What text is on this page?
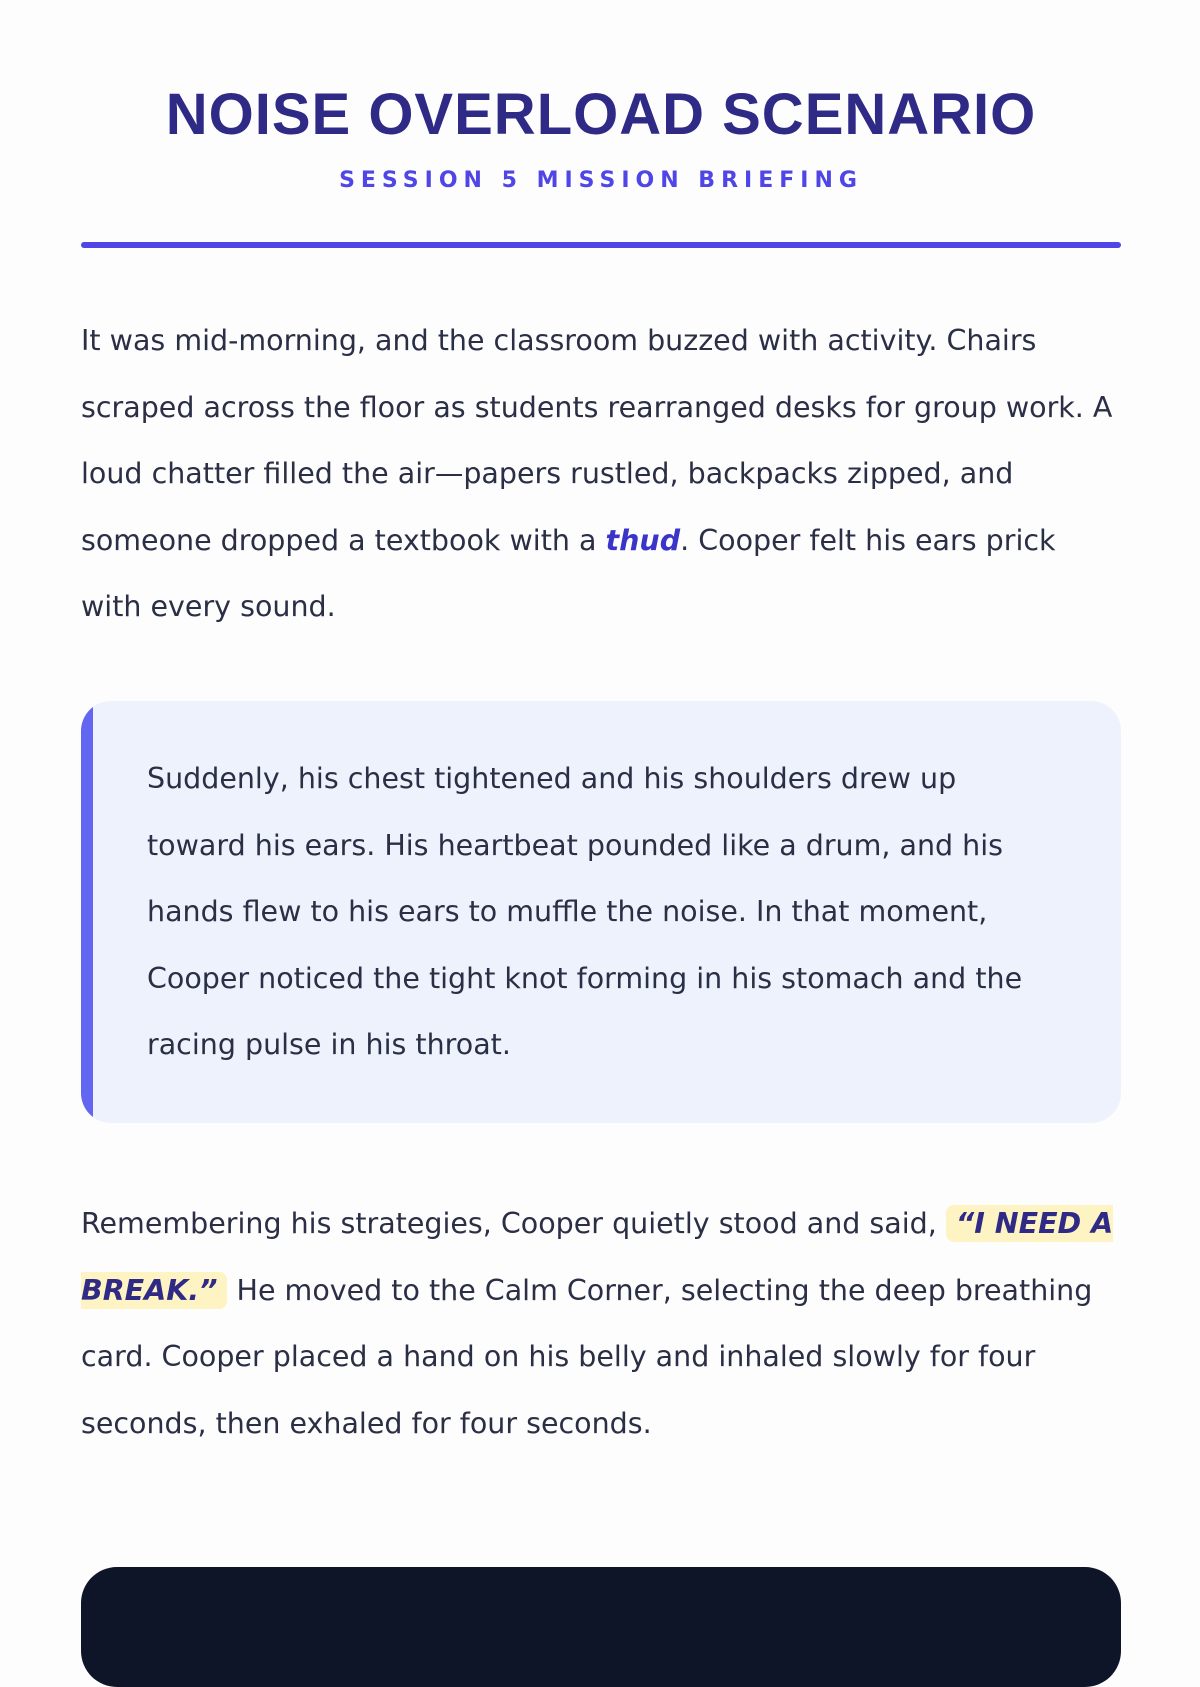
NOISE OVERLOAD SCENARIO
SESSION 5 MISSION BRIEFING

It was mid-morning, and the classroom buzzed with activity. Chairs scraped across the floor as students rearranged desks for group work. A loud chatter filled the air—papers rustled, backpacks zipped, and someone dropped a textbook with a thud. Cooper felt his ears prick with every sound.

Suddenly, his chest tightened and his shoulders drew up toward his ears. His heartbeat pounded like a drum, and his hands flew to his ears to muffle the noise. In that moment, Cooper noticed the tight knot forming in his stomach and the racing pulse in his throat.

Remembering his strategies, Cooper quietly stood and said, “I NEED A BREAK.” He moved to the Calm Corner, selecting the deep breathing card. Cooper placed a hand on his belly and inhaled slowly for four seconds, then exhaled for four seconds.
